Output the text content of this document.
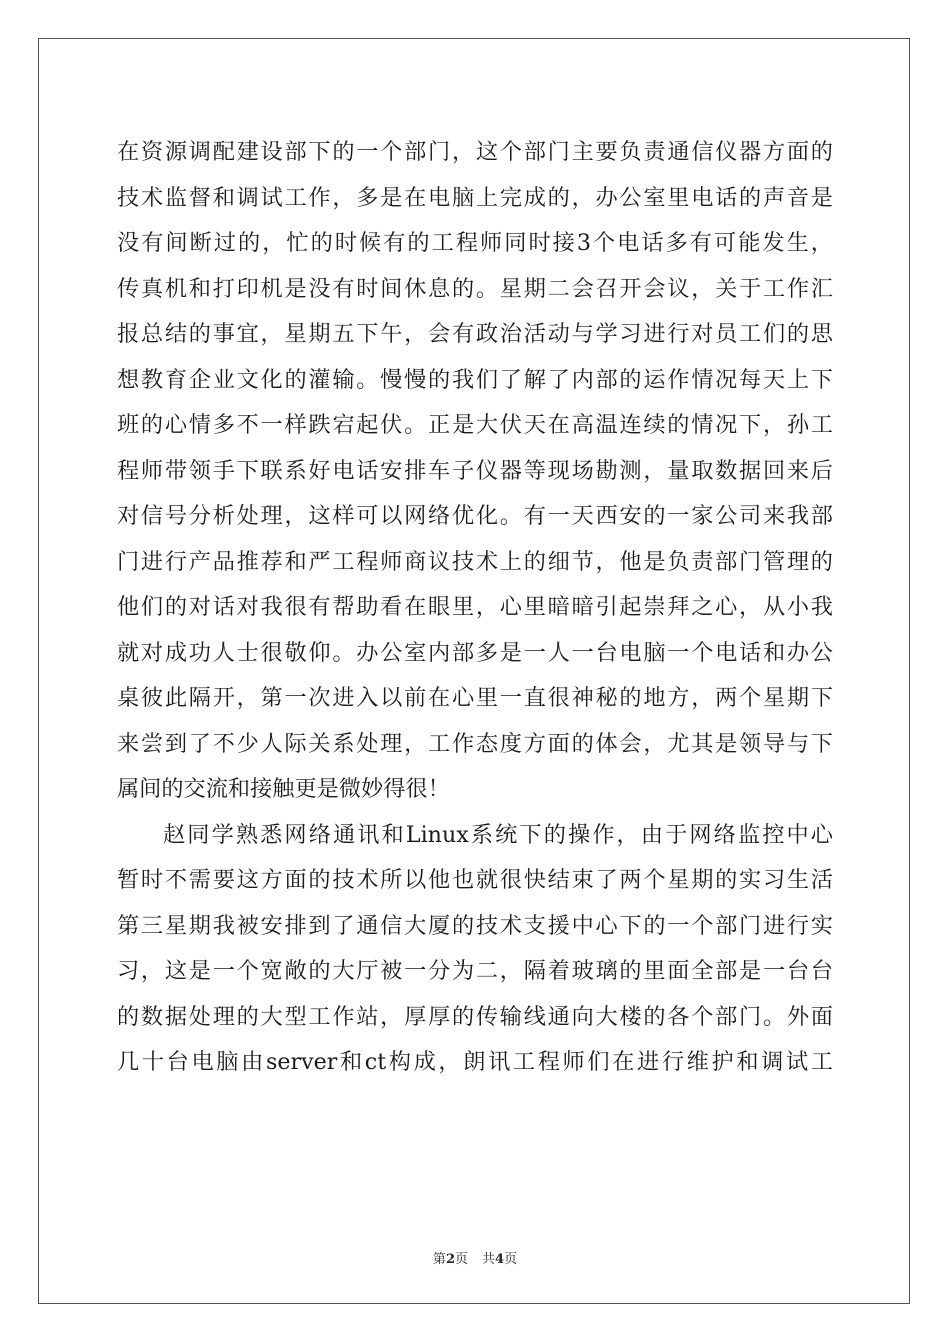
在资源调配建设部下的一个部门，这个部门主要负责通信仪器方面的
技术监督和调试工作，多是在电脑上完成的，办公室里电话的声音是
没有间断过的，忙的时候有的工程师同时接3个电话多有可能发生，
传真机和打印机是没有时间休息的。星期二会召开会议，关于工作汇
报总结的事宜，星期五下午，会有政治活动与学习进行对员工们的思
想教育企业文化的灌输。慢慢的我们了解了内部的运作情况每天上下
班的心情多不一样跌宕起伏。正是大伏天在高温连续的情况下，孙工
程师带领手下联系好电话安排车子仪器等现场勘测，量取数据回来后
对信号分析处理，这样可以网络优化。有一天西安的一家公司来我部
门进行产品推荐和严工程师商议技术上的细节，他是负责部门管理的
他们的对话对我很有帮助看在眼里，心里暗暗引起崇拜之心，从小我
就对成功人士很敬仰。办公室内部多是一人一台电脑一个电话和办公
桌彼此隔开，第一次进入以前在心里一直很神秘的地方，两个星期下
来尝到了不少人际关系处理，工作态度方面的体会，尤其是领导与下
属间的交流和接触更是微妙得很！
赵同学熟悉网络通讯和Linux系统下的操作，由于网络监控中心
暂时不需要这方面的技术所以他也就很快结束了两个星期的实习生活
第三星期我被安排到了通信大厦的技术支援中心下的一个部门进行实
习，这是一个宽敞的大厅被一分为二，隔着玻璃的里面全部是一台台
的数据处理的大型工作站，厚厚的传输线通向大楼的各个部门。外面
几十台电脑由server和ct构成，朗讯工程师们在进行维护和调试工
第2页 共4页
